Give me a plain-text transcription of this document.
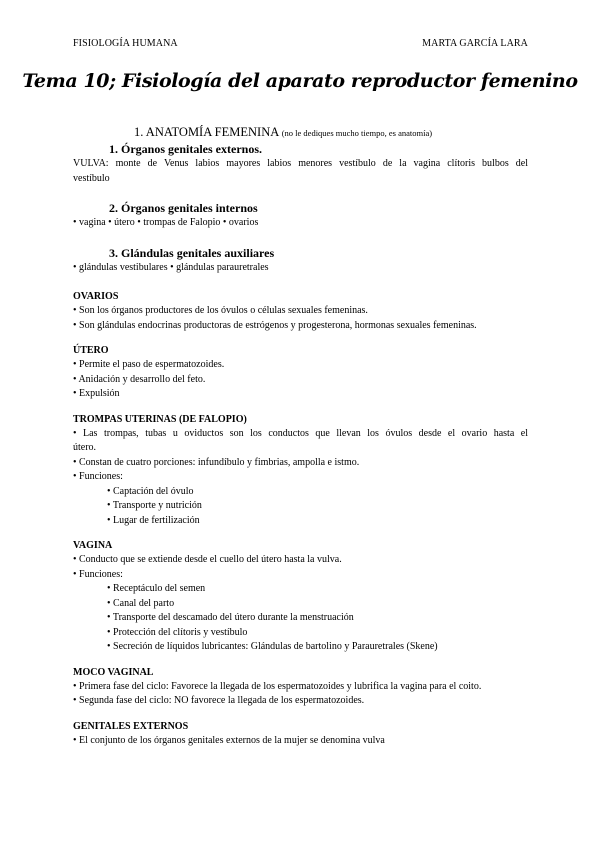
FISIOLOGÍA HUMANA	MARTA GARCÍA LARA
Tema 10; Fisiología del aparato reproductor femenino
1. ANATOMÍA FEMENINA (no le dediques mucho tiempo, es anatomía)
1. Órganos genitales externos.
VULVA: monte de Venus labios mayores labios menores vestíbulo de la vagina clítoris bulbos del
vestíbulo
2. Órganos genitales internos
• vagina • útero • trompas de Falopio • ovarios
3. Glándulas genitales auxiliares
• glándulas vestibulares • glándulas parauretrales
OVARIOS
• Son los órganos productores de los óvulos o células sexuales femeninas.
• Son glándulas endocrinas productoras de estrógenos y progesterona, hormonas sexuales femeninas.
ÚTERO
• Permite el paso de espermatozoides.
• Anidación y desarrollo del feto.
• Expulsión
TROMPAS UTERINAS (DE FALOPIO)
• Las trompas, tubas u oviductos son los conductos que llevan los óvulos desde el ovario hasta el
útero.
• Constan de cuatro porciones: infundíbulo y fimbrias, ampolla e istmo.
• Funciones:
• Captación del óvulo
• Transporte y nutrición
• Lugar de fertilización
VAGINA
• Conducto que se extiende desde el cuello del útero hasta la vulva.
• Funciones:
• Receptáculo del semen
• Canal del parto
• Transporte del descamado del útero durante la menstruación
• Protección del clítoris y vestíbulo
• Secreción de líquidos lubricantes: Glándulas de bartolino y Parauretrales (Skene)
MOCO VAGINAL
• Primera fase del ciclo: Favorece la llegada de los espermatozoides y lubrifica la vagina para el coito.
• Segunda fase del ciclo: NO favorece la llegada de los espermatozoides.
GENITALES EXTERNOS
• El conjunto de los órganos genitales externos de la mujer se denomina vulva
